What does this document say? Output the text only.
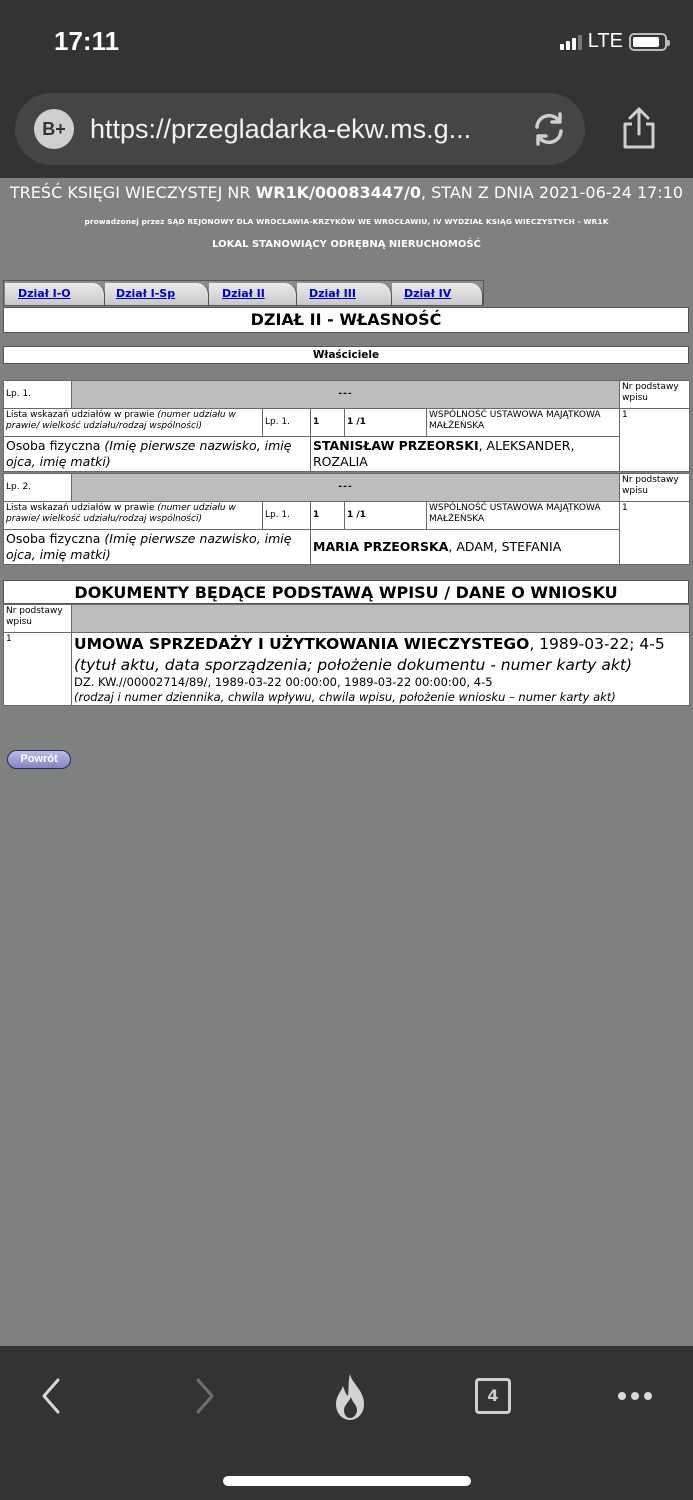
17:11	LTE
B+ https://przegladarka-ekw.ms.g...
TREŚĆ KSIĘGI WIECZYSTEJ NR WR1K/00083447/0, STAN Z DNIA 2021-06-24 17:10
prowadzonej przez SĄD REJONOWY DLA WROCŁAWIA-KRZYKÓW WE WROCŁAWIU, IV WYDZIAŁ KSIĄG WIECZYSTYCH - WR1K
LOKAL STANOWIĄCY ODRĘBNĄ NIERUCHOMOŚĆ
Dział I-O	Dział I-Sp	Dział II	Dział III	Dział IV
DZIAŁ II - WŁASNOŚĆ
Właściciele
Lp. 1.	---					Nr podstawy wpisu
Lista wskazań udziałów w prawie (numer udziału w prawie/ wielkość udziału/rodzaj wspólności)		Lp. 1.	1	1 /1	WSPÓLNOŚĆ USTAWOWA MAJĄTKOWA MAŁŻEŃSKA	1
Osoba fizyczna (Imię pierwsze nazwisko, imię ojca, imię matki)			STANISŁAW PRZEORSKI, ALEKSANDER, ROZALIA			
Lp. 2.	---					Nr podstawy wpisu
Lista wskazań udziałów w prawie (numer udziału w prawie/ wielkość udziału/rodzaj wspólności)		Lp. 1.	1	1 /1	WSPÓLNOŚĆ USTAWOWA MAJĄTKOWA MAŁŻEŃSKA	1
Osoba fizyczna (Imię pierwsze nazwisko, imię ojca, imię matki)			MARIA PRZEORSKA, ADAM, STEFANIA			
DOKUMENTY BĘDĄCE PODSTAWĄ WPISU / DANE O WNIOSKU
Nr podstawy wpisu	
1	UMOWA SPRZEDAŻY I UŻYTKOWANIA WIECZYSTEGO, 1989-03-22; 4-5
(tytuł aktu, data sporządzenia; położenie dokumentu - numer karty akt)
DZ. KW.//00002714/89/, 1989-03-22 00:00:00, 1989-03-22 00:00:00, 4-5
(rodzaj i numer dziennika, chwila wpływu, chwila wpisu, położenie wniosku – numer karty akt)
Powrót
4
